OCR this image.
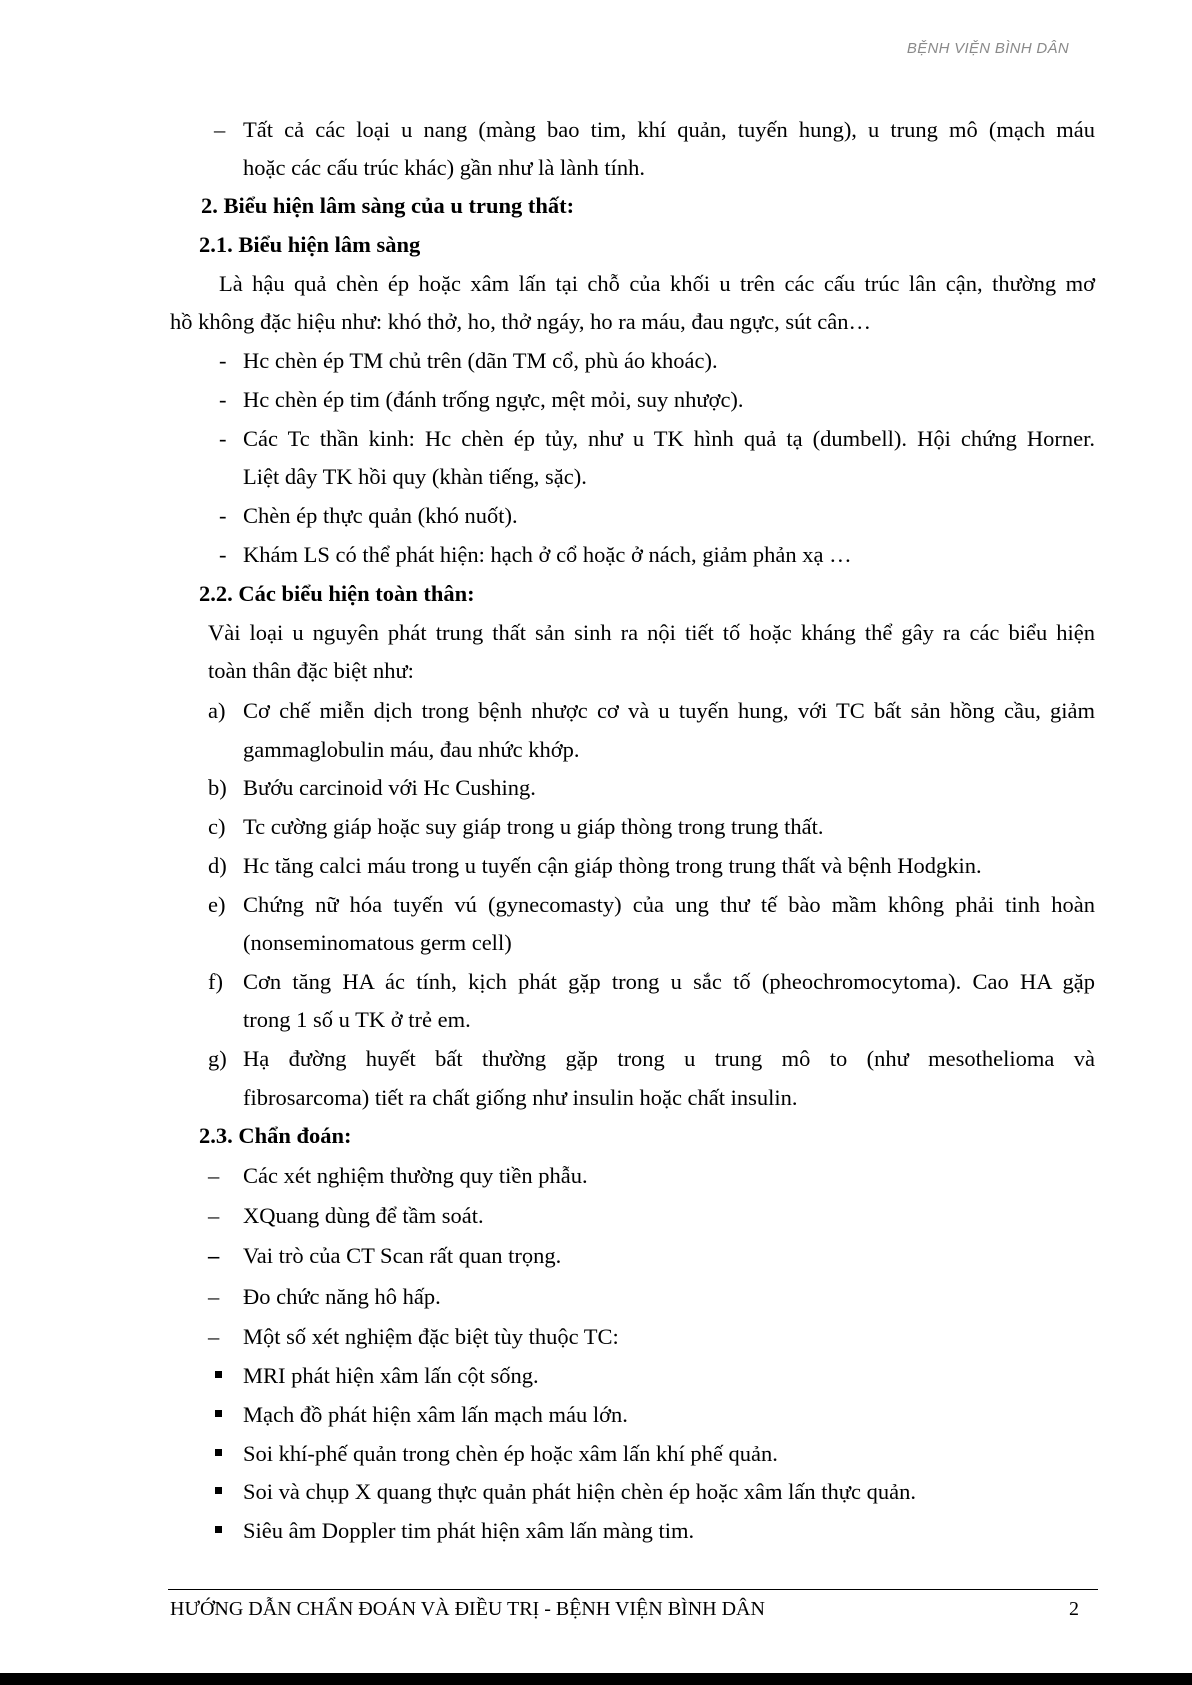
BỆNH VIỆN BÌNH DÂN
– Tất cả các loại u nang (màng bao tim, khí quản, tuyến hung), u trung mô (mạch máu
hoặc các cấu trúc khác) gần như là lành tính.
2. Biểu hiện lâm sàng của u trung thất:
2.1. Biểu hiện lâm sàng
Là hậu quả chèn ép hoặc xâm lấn tại chỗ của khối u trên các cấu trúc lân cận, thường mơ
hồ không đặc hiệu như: khó thở, ho, thở ngáy, ho ra máu, đau ngực, sút cân…
- Hc chèn ép TM chủ trên (dãn TM cổ, phù áo khoác).
- Hc chèn ép tim (đánh trống ngực, mệt mỏi, suy nhược).
- Các Tc thần kinh: Hc chèn ép tủy, như u TK hình quả tạ (dumbell). Hội chứng Horner.
Liệt dây TK hồi quy (khàn tiếng, sặc).
- Chèn ép thực quản (khó nuốt).
- Khám LS có thể phát hiện: hạch ở cổ hoặc ở nách, giảm phản xạ …
2.2. Các biểu hiện toàn thân:
Vài loại u nguyên phát trung thất sản sinh ra nội tiết tố hoặc kháng thể gây ra các biểu hiện
toàn thân đặc biệt như:
a) Cơ chế miễn dịch trong bệnh nhược cơ và u tuyến hung, với TC bất sản hồng cầu, giảm
gammaglobulin máu, đau nhức khớp.
b) Bướu carcinoid với Hc Cushing.
c) Tc cường giáp hoặc suy giáp trong u giáp thòng trong trung thất.
d) Hc tăng calci máu trong u tuyến cận giáp thòng trong trung thất và bệnh Hodgkin.
e) Chứng nữ hóa tuyến vú (gynecomasty) của ung thư tế bào mầm không phải tinh hoàn
(nonseminomatous germ cell)
f) Cơn tăng HA ác tính, kịch phát gặp trong u sắc tố (pheochromocytoma). Cao HA gặp
trong 1 số u TK ở trẻ em.
g) Hạ đường huyết bất thường gặp trong u trung mô to (như mesothelioma và
fibrosarcoma) tiết ra chất giống như insulin hoặc chất insulin.
2.3. Chẩn đoán:
– Các xét nghiệm thường quy tiền phẫu.
– XQuang dùng để tầm soát.
– Vai trò của CT Scan rất quan trọng.
– Đo chức năng hô hấp.
– Một số xét nghiệm đặc biệt tùy thuộc TC:
MRI phát hiện xâm lấn cột sống.
Mạch đồ phát hiện xâm lấn mạch máu lớn.
Soi khí-phế quản trong chèn ép hoặc xâm lấn khí phế quản.
Soi và chụp X quang thực quản phát hiện chèn ép hoặc xâm lấn thực quản.
Siêu âm Doppler tim phát hiện xâm lấn màng tim.
HƯỚNG DẪN CHẨN ĐOÁN VÀ ĐIỀU TRỊ - BỆNH VIỆN BÌNH DÂN	2
